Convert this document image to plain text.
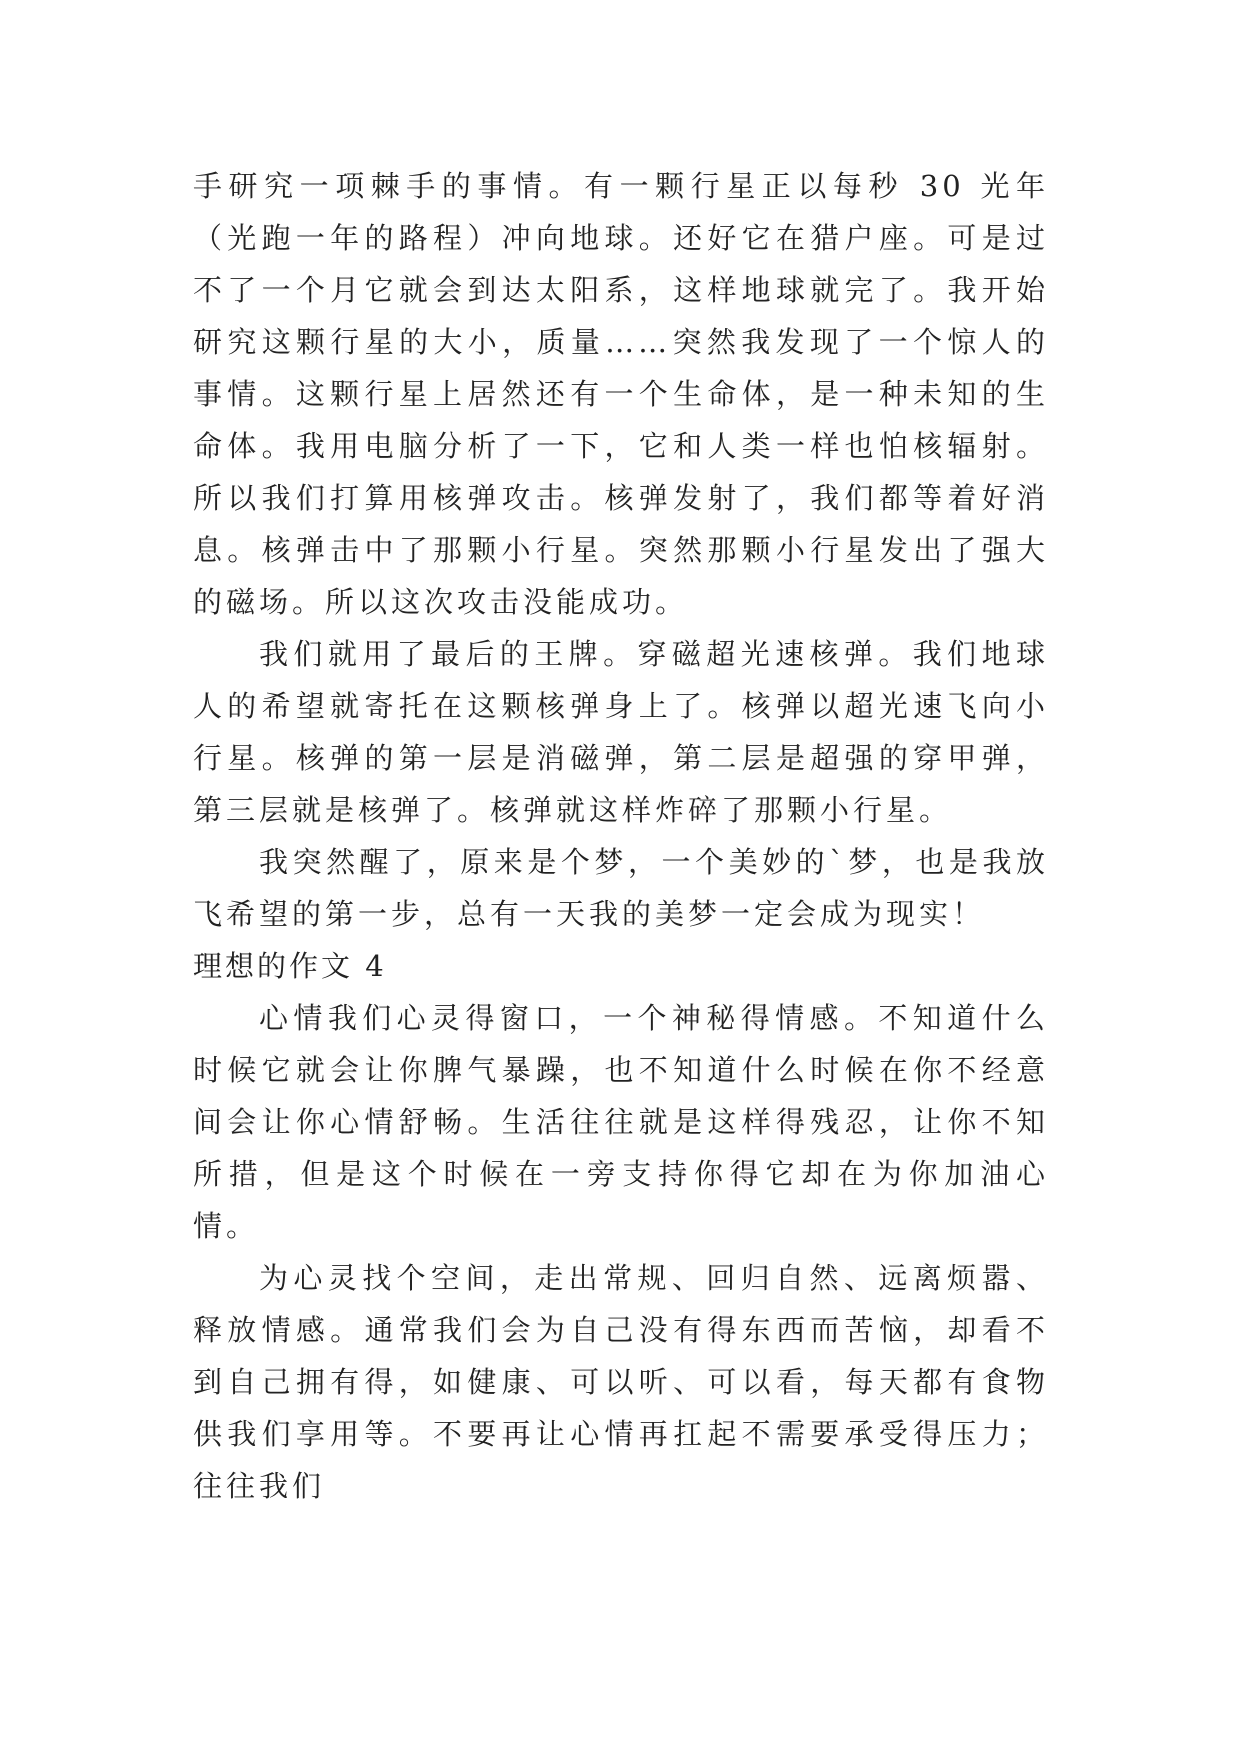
手研究一项棘手的事情。有一颗行星正以每秒 30 光年（光跑一年的路程）冲向地球。还好它在猎户座。可是过不了一个月它就会到达太阳系，这样地球就完了。我开始研究这颗行星的大小，质量……突然我发现了一个惊人的事情。这颗行星上居然还有一个生命体，是一种未知的生命体。我用电脑分析了一下，它和人类一样也怕核辐射。所以我们打算用核弹攻击。核弹发射了，我们都等着好消息。核弹击中了那颗小行星。突然那颗小行星发出了强大的磁场。所以这次攻击没能成功。

我们就用了最后的王牌。穿磁超光速核弹。我们地球人的希望就寄托在这颗核弹身上了。核弹以超光速飞向小行星。核弹的第一层是消磁弹，第二层是超强的穿甲弹，第三层就是核弹了。核弹就这样炸碎了那颗小行星。

我突然醒了，原来是个梦，一个美妙的`梦，也是我放飞希望的第一步，总有一天我的美梦一定会成为现实！

理想的作文 4

心情我们心灵得窗口，一个神秘得情感。不知道什么时候它就会让你脾气暴躁，也不知道什么时候在你不经意间会让你心情舒畅。生活往往就是这样得残忍，让你不知所措，但是这个时候在一旁支持你得它却在为你加油心情。

为心灵找个空间，走出常规、回归自然、远离烦嚣、释放情感。通常我们会为自己没有得东西而苦恼，却看不到自己拥有得，如健康、可以听、可以看，每天都有食物供我们享用等。不要再让心情再扛起不需要承受得压力；往往我们
